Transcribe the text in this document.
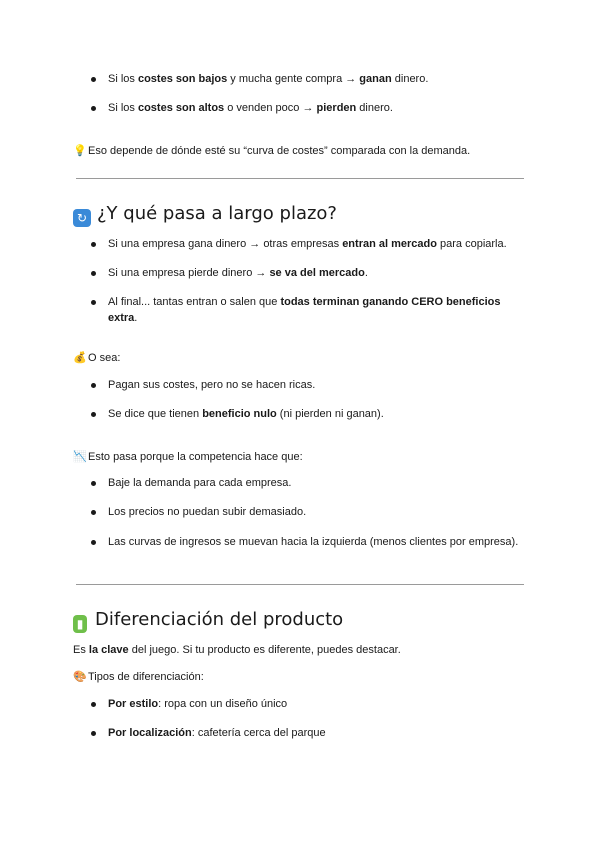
Si los costes son bajos y mucha gente compra → ganan dinero.
Si los costes son altos o venden poco → pierden dinero.
💡Eso depende de dónde esté su “curva de costes” comparada con la demanda.
↻ ¿Y qué pasa a largo plazo?
Si una empresa gana dinero → otras empresas entran al mercado para copiarla.
Si una empresa pierde dinero → se va del mercado.
Al final... tantas entran o salen que todas terminan ganando CERO beneficios extra.
💰O sea:
Pagan sus costes, pero no se hacen ricas.
Se dice que tienen beneficio nulo (ni pierden ni ganan).
📉Esto pasa porque la competencia hace que:
Baje la demanda para cada empresa.
Los precios no puedan subir demasiado.
Las curvas de ingresos se muevan hacia la izquierda (menos clientes por empresa).
▮ Diferenciación del producto
Es la clave del juego. Si tu producto es diferente, puedes destacar.
🎨Tipos de diferenciación:
Por estilo: ropa con un diseño único
Por localización: cafetería cerca del parque
